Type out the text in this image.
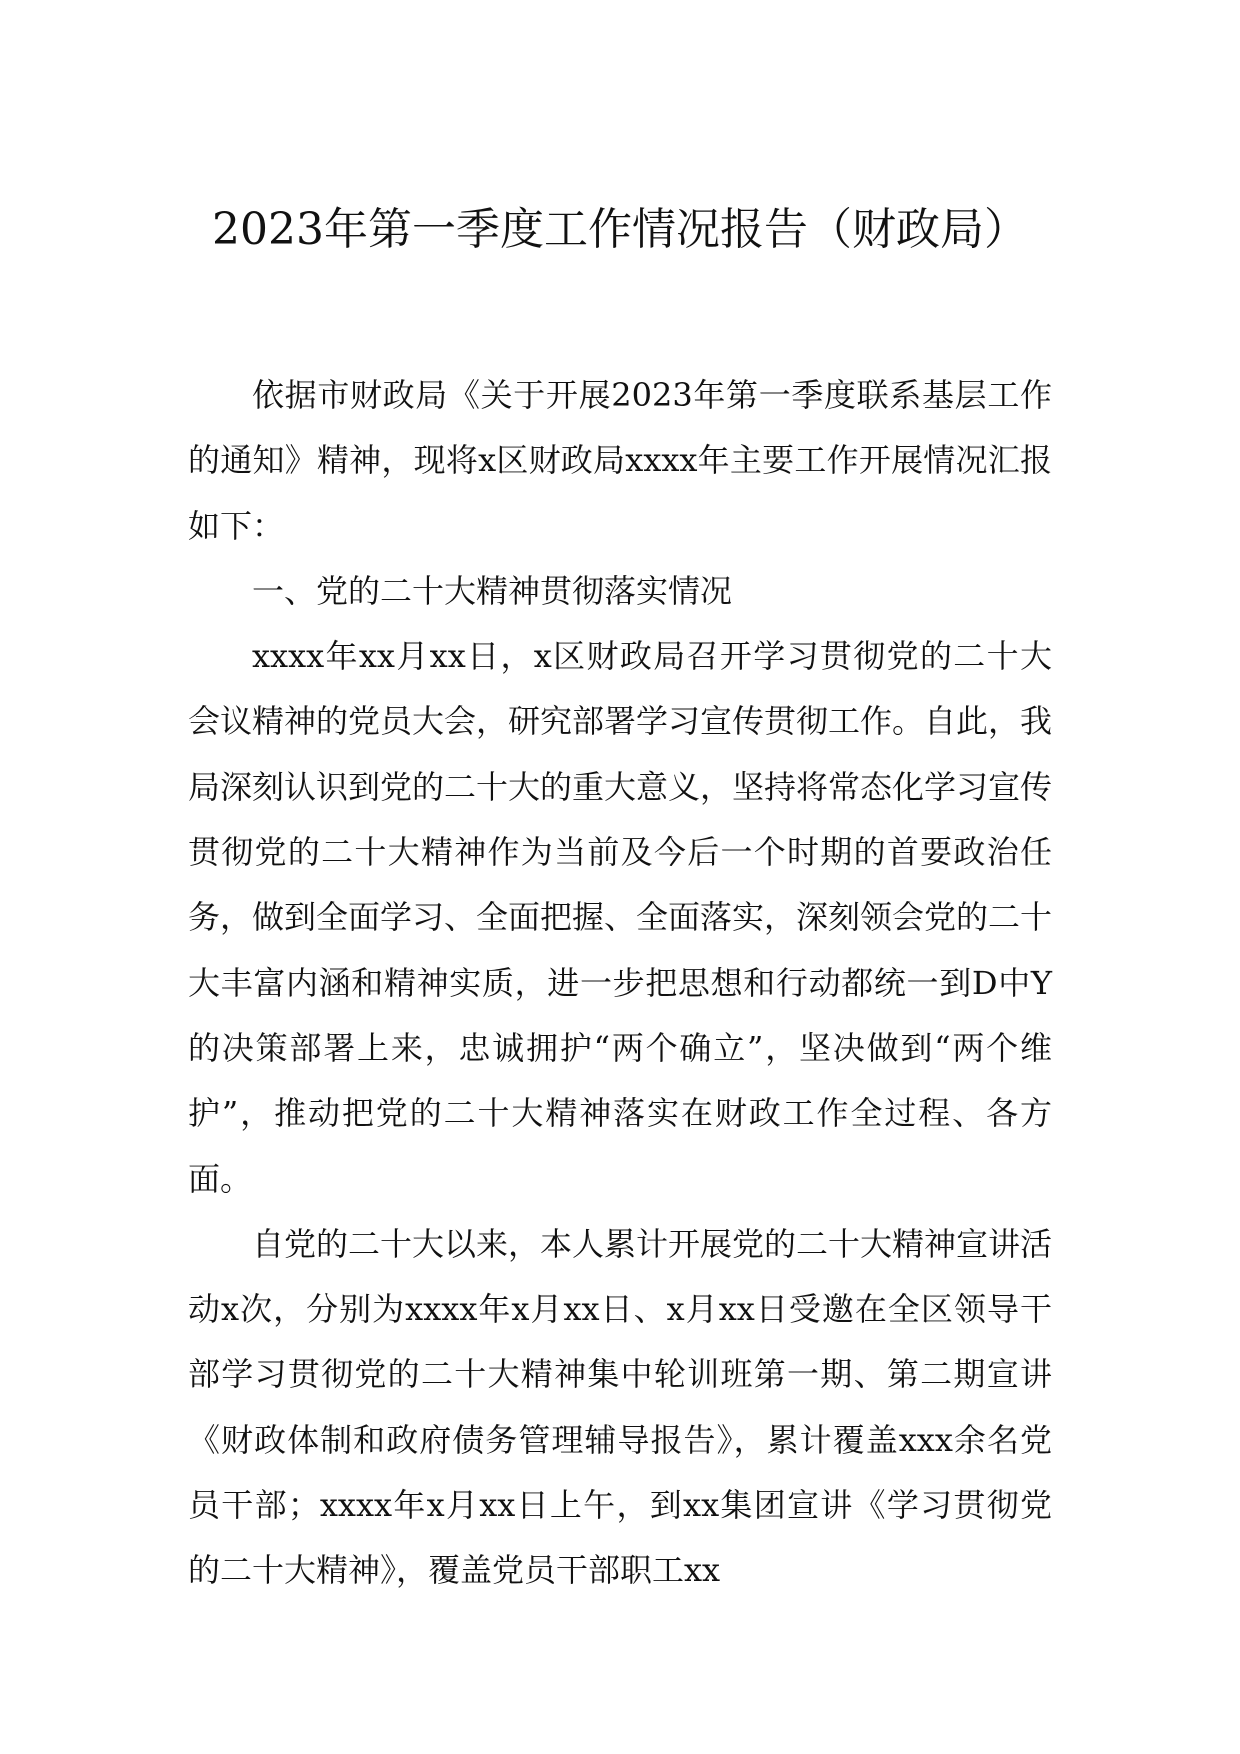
2023年第一季度工作情况报告（财政局）

依据市财政局《关于开展2023年第一季度联系基层工作的通知》精神，现将x区财政局xxxx年主要工作开展情况汇报如下：

一、党的二十大精神贯彻落实情况

xxxx年xx月xx日，x区财政局召开学习贯彻党的二十大会议精神的党员大会，研究部署学习宣传贯彻工作。自此，我局深刻认识到党的二十大的重大意义，坚持将常态化学习宣传贯彻党的二十大精神作为当前及今后一个时期的首要政治任务，做到全面学习、全面把握、全面落实，深刻领会党的二十大丰富内涵和精神实质，进一步把思想和行动都统一到D中Y的决策部署上来，忠诚拥护“两个确立”，坚决做到“两个维护”，推动把党的二十大精神落实在财政工作全过程、各方面。

自党的二十大以来，本人累计开展党的二十大精神宣讲活动x次，分别为xxxx年x月xx日、x月xx日受邀在全区领导干部学习贯彻党的二十大精神集中轮训班第一期、第二期宣讲《财政体制和政府债务管理辅导报告》，累计覆盖xxx余名党员干部；xxxx年x月xx日上午，到xx集团宣讲《学习贯彻党的二十大精神》，覆盖党员干部职工xx
